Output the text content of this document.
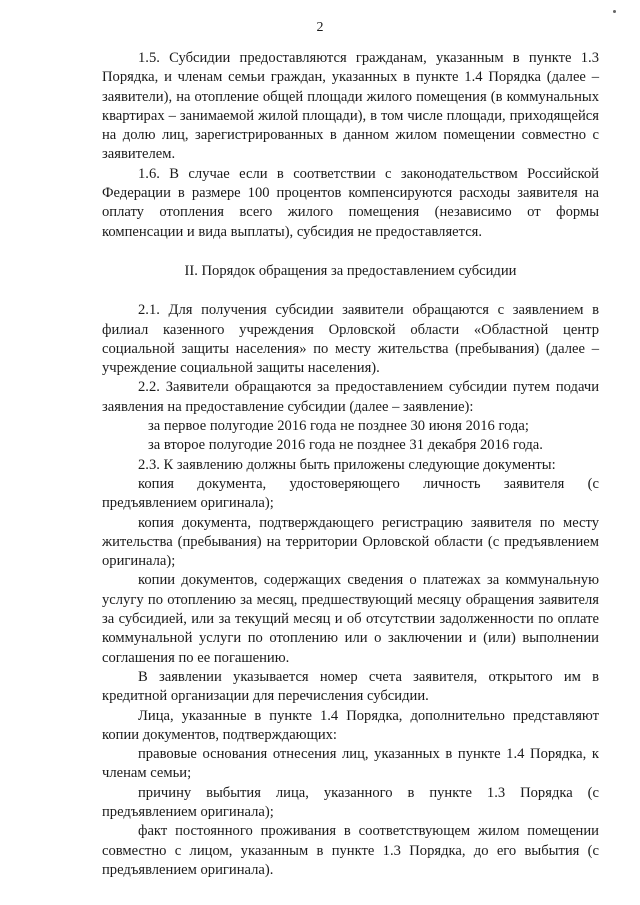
2

1.5. Субсидии предоставляются гражданам, указанным в пункте 1.3 Порядка, и членам семьи граждан, указанных в пункте 1.4 Порядка (далее – заявители), на отопление общей площади жилого помещения (в коммунальных квартирах – занимаемой жилой площади), в том числе площади, приходящейся на долю лиц, зарегистрированных в данном жилом помещении совместно с заявителем.

1.6. В случае если в соответствии с законодательством Российской Федерации в размере 100 процентов компенсируются расходы заявителя на оплату отопления всего жилого помещения (независимо от формы компенсации и вида выплаты), субсидия не предоставляется.

II. Порядок обращения за предоставлением субсидии

2.1. Для получения субсидии заявители обращаются с заявлением в филиал казенного учреждения Орловской области «Областной центр социальной защиты населения» по месту жительства (пребывания) (далее – учреждение социальной защиты населения).

2.2. Заявители обращаются за предоставлением субсидии путем подачи заявления на предоставление субсидии (далее – заявление):

за первое полугодие 2016 года не позднее 30 июня 2016 года;

за второе полугодие 2016 года не позднее 31 декабря 2016 года.

2.3. К заявлению должны быть приложены следующие документы:

копия документа, удостоверяющего личность заявителя (с предъявлением оригинала);

копия документа, подтверждающего регистрацию заявителя по месту жительства (пребывания) на территории Орловской области (с предъявлением оригинала);

копии документов, содержащих сведения о платежах за коммунальную услугу по отоплению за месяц, предшествующий месяцу обращения заявителя за субсидией, или за текущий месяц и об отсутствии задолженности по оплате коммунальной услуги по отоплению или о заключении и (или) выполнении соглашения по ее погашению.

В заявлении указывается номер счета заявителя, открытого им в кредитной организации для перечисления субсидии.

Лица, указанные в пункте 1.4 Порядка, дополнительно представляют копии документов, подтверждающих:

правовые основания отнесения лиц, указанных в пункте 1.4 Порядка, к членам семьи;

причину выбытия лица, указанного в пункте 1.3 Порядка (с предъявлением оригинала);

факт постоянного проживания в соответствующем жилом помещении совместно с лицом, указанным в пункте 1.3 Порядка, до его выбытия (с предъявлением оригинала).
